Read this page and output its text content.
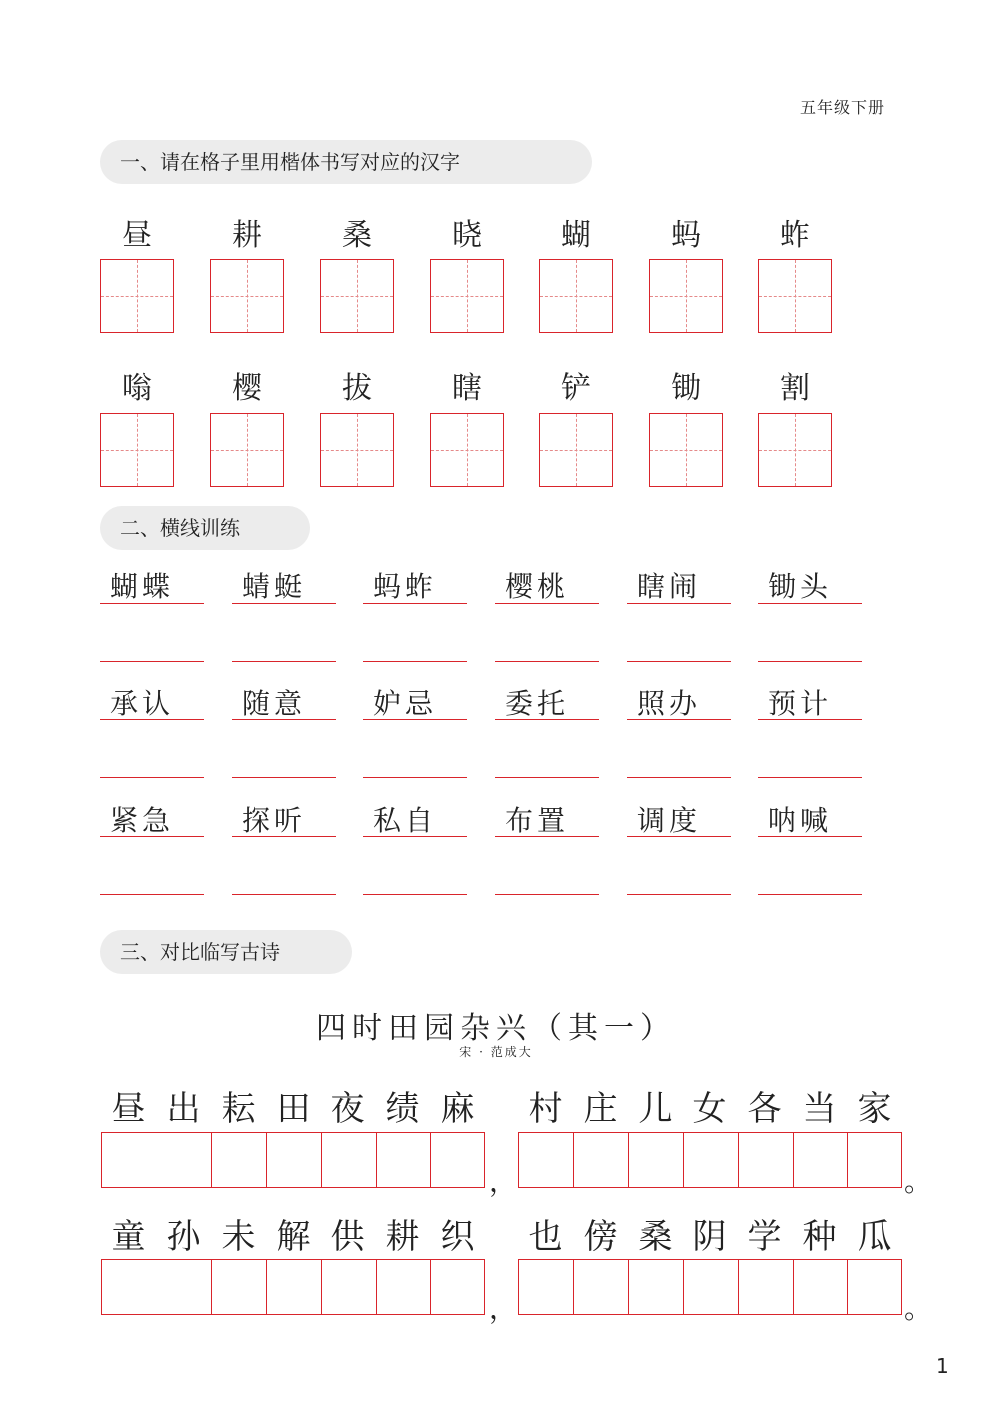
五年级下册
一、请在格子里用楷体书写对应的汉字
昼	耕	桑	晓	蝴	蚂	蚱
嗡	樱	拔	瞎	铲	锄	割
二、横线训练
蝴蝶	蜻蜓	蚂蚱	樱桃	瞎闹	锄头
承认	随意	妒忌	委托	照办	预计
紧急	探听	私自	布置	调度	呐喊
三、对比临写古诗
四时田园杂兴（其一）
宋 · 范成大
昼 出 耘 田 夜 绩 麻	村 庄 儿 女 各 当 家
，	。
童 孙 未 解 供 耕 织	也 傍 桑 阴 学 种 瓜
，	。
1
